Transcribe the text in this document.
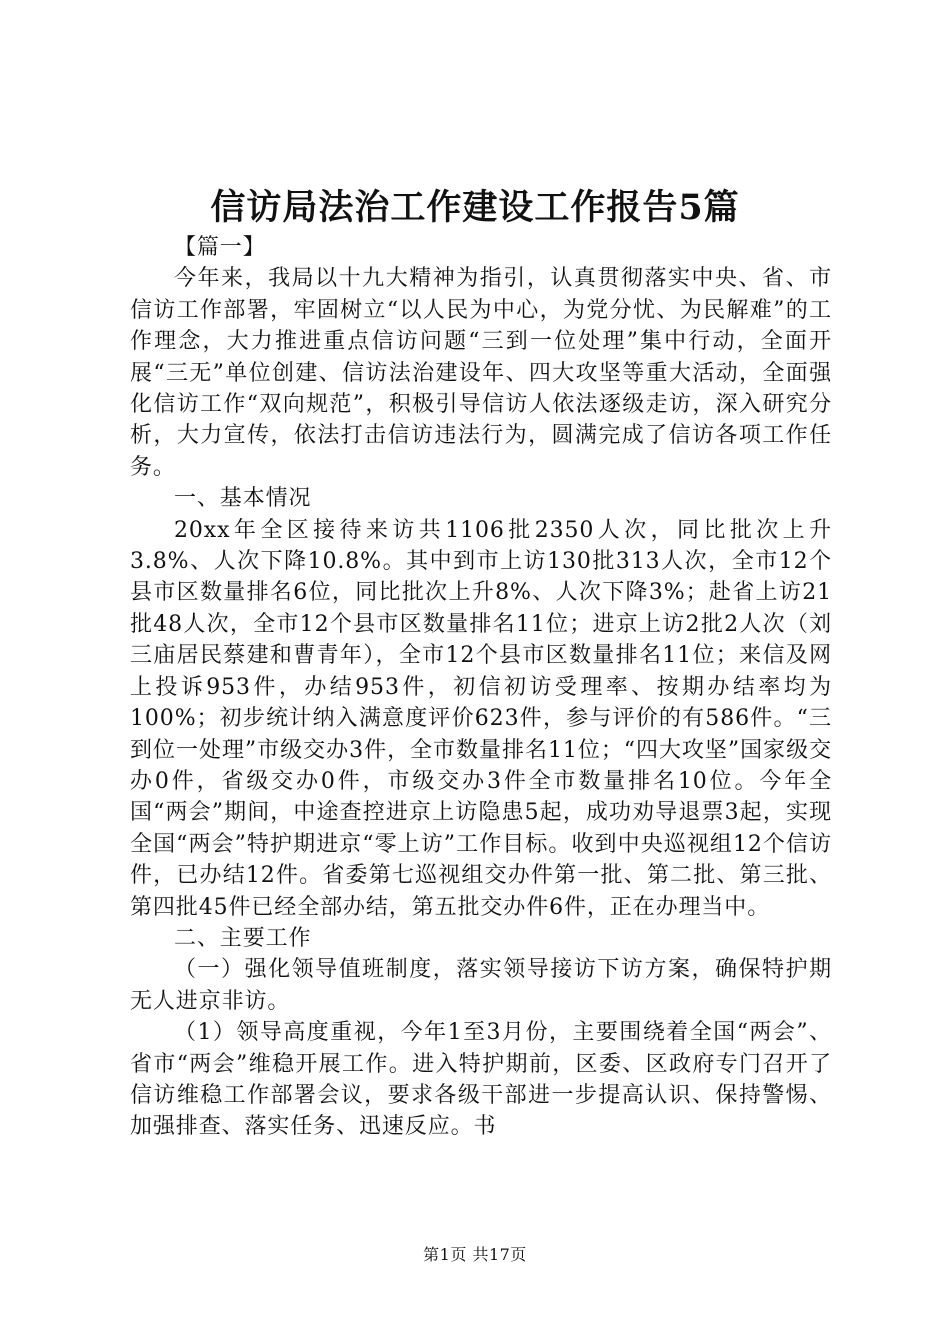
信访局法治工作建设工作报告5篇

【篇一】

今年来，我局以十九大精神为指引，认真贯彻落实中央、省、市信访工作部署，牢固树立“以人民为中心，为党分忧、为民解难”的工作理念，大力推进重点信访问题“三到一位处理”集中行动，全面开展“三无”单位创建、信访法治建设年、四大攻坚等重大活动，全面强化信访工作“双向规范”，积极引导信访人依法逐级走访，深入研究分析，大力宣传，依法打击信访违法行为，圆满完成了信访各项工作任务。

一、基本情况

20xx年全区接待来访共1106批2350人次，同比批次上升3.8%、人次下降10.8%。其中到市上访130批313人次，全市12个县市区数量排名6位，同比批次上升8%、人次下降3%；赴省上访21批48人次，全市12个县市区数量排名11位；进京上访2批2人次（刘三庙居民蔡建和曹青年），全市12个县市区数量排名11位；来信及网上投诉953件，办结953件，初信初访受理率、按期办结率均为100%；初步统计纳入满意度评价623件，参与评价的有586件。“三到位一处理”市级交办3件，全市数量排名11位；“四大攻坚”国家级交办0件，省级交办0件，市级交办3件全市数量排名10位。今年全国“两会”期间，中途查控进京上访隐患5起，成功劝导退票3起，实现全国“两会”特护期进京“零上访”工作目标。收到中央巡视组12个信访件，已办结12件。省委第七巡视组交办件第一批、第二批、第三批、第四批45件已经全部办结，第五批交办件6件，正在办理当中。

二、主要工作

（一）强化领导值班制度，落实领导接访下访方案，确保特护期无人进京非访。

（1）领导高度重视，今年1至3月份，主要围绕着全国“两会”、省市“两会”维稳开展工作。进入特护期前，区委、区政府专门召开了信访维稳工作部署会议，要求各级干部进一步提高认识、保持警惕、加强排查、落实任务、迅速反应。书

第1页 共17页
